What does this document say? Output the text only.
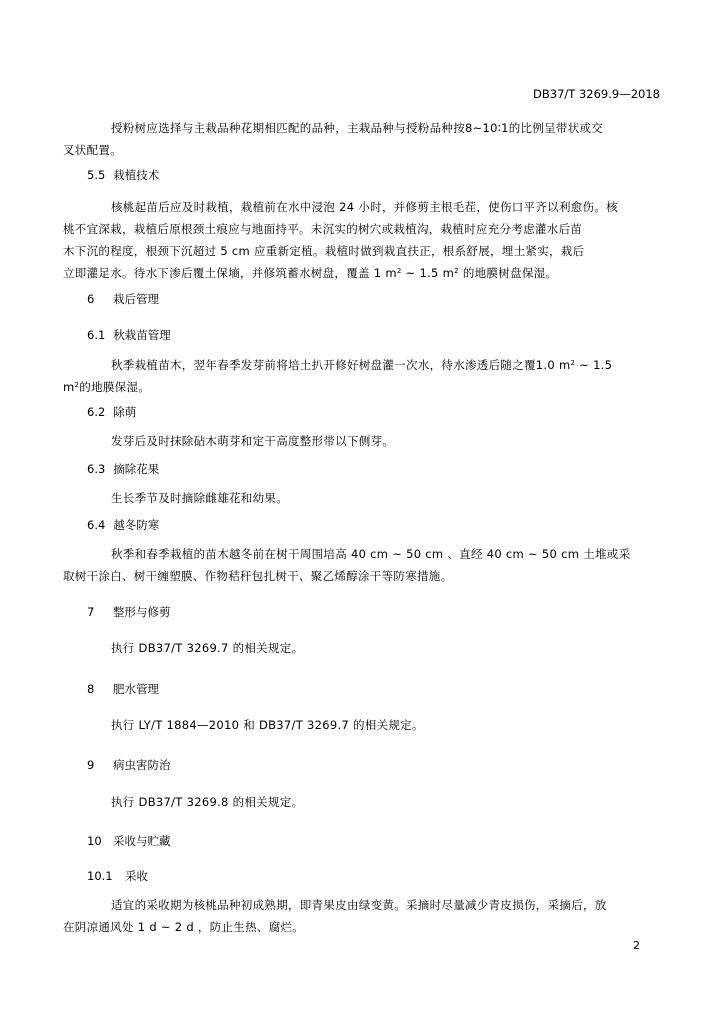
DB37/T 3269.9—2018
授粉树应选择与主栽品种花期相匹配的品种，主栽品种与授粉品种按8~10∶1的比例呈带状或交
叉状配置。
5.5 栽植技术
核桃起苗后应及时栽植，栽植前在水中浸泡 24 小时，并修剪主根毛茬，使伤口平齐以利愈伤。核
桃不宜深栽，栽植后原根颈土痕应与地面持平。未沉实的树穴或栽植沟，栽植时应充分考虑灌水后苗
木下沉的程度，根颈下沉超过 5 cm 应重新定植。栽植时做到栽直扶正，根系舒展，埋土紧实，栽后
立即灌足水。待水下渗后覆土保墒，并修筑蓄水树盘，覆盖 1 $m^2$ ~ 1.5 $m^2$ 的地膜树盘保湿。
6 栽后管理
6.1 秋栽苗管理
秋季栽植苗木，翌年春季发芽前将培土扒开修好树盘灌一次水，待水渗透后随之覆1.0 $m^2$ ~ 1.5
$m^2$的地膜保湿。
6.2 除萌
发芽后及时抹除砧木萌芽和定干高度整形带以下侧芽。
6.3 摘除花果
生长季节及时摘除雌雄花和幼果。
6.4 越冬防寒
秋季和春季栽植的苗木越冬前在树干周围培高 40 cm ~ 50 cm 、直经 40 cm ~ 50 cm 土堆或采
取树干涂白、树干缠塑膜、作物秸秆包扎树干、聚乙烯醇涂干等防寒措施。
7 整形与修剪
执行 DB37/T 3269.7 的相关规定。
8 肥水管理
执行 LY/T 1884—2010 和 DB37/T 3269.7 的相关规定。
9 病虫害防治
执行 DB37/T 3269.8 的相关规定。
10 采收与贮藏
10.1 采收
适宜的采收期为核桃品种初成熟期，即青果皮由绿变黄。采摘时尽量减少青皮损伤，采摘后，放
在阴凉通风处 1 d ~ 2 d ，防止生热、腐烂。
2
